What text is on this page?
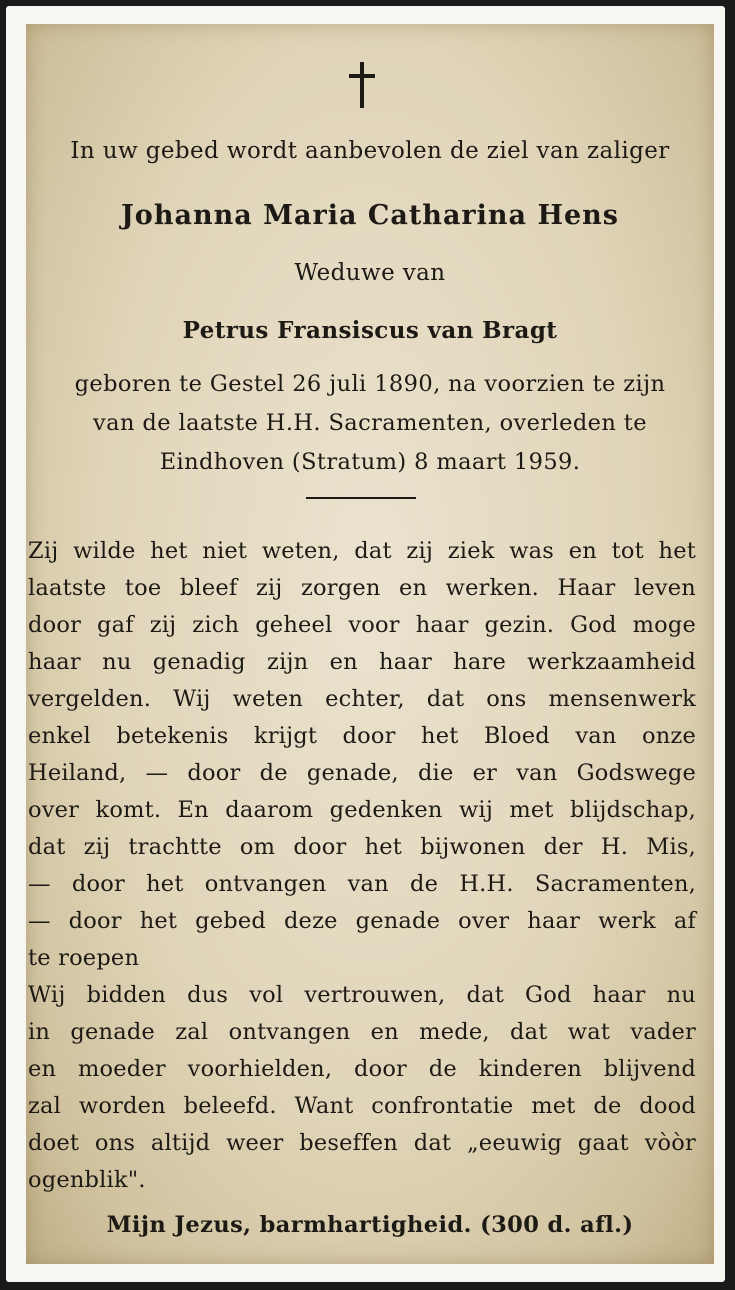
In uw gebed wordt aanbevolen de ziel van zaliger
Johanna Maria Catharina Hens
Weduwe van
Petrus Fransiscus van Bragt
geboren te Gestel 26 juli 1890, na voorzien te zijn
van de laatste H.H. Sacramenten, overleden te
Eindhoven (Stratum) 8 maart 1959.
Zij wilde het niet weten, dat zij ziek was en tot het
laatste toe bleef zij zorgen en werken. Haar leven
door gaf zij zich geheel voor haar gezin. God moge
haar nu genadig zijn en haar hare werkzaamheid
vergelden. Wij weten echter, dat ons mensenwerk
enkel betekenis krijgt door het Bloed van onze
Heiland, — door de genade, die er van Godswege
over komt. En daarom gedenken wij met blijdschap,
dat zij trachtte om door het bijwonen der H. Mis,
— door het ontvangen van de H.H. Sacramenten,
— door het gebed deze genade over haar werk af
te roepen
Wij bidden dus vol vertrouwen, dat God haar nu
in genade zal ontvangen en mede, dat wat vader
en moeder voorhielden, door de kinderen blijvend
zal worden beleefd. Want confrontatie met de dood
doet ons altijd weer beseffen dat „eeuwig gaat vòòr
ogenblik".
Mijn Jezus, barmhartigheid. (300 d. afl.)
